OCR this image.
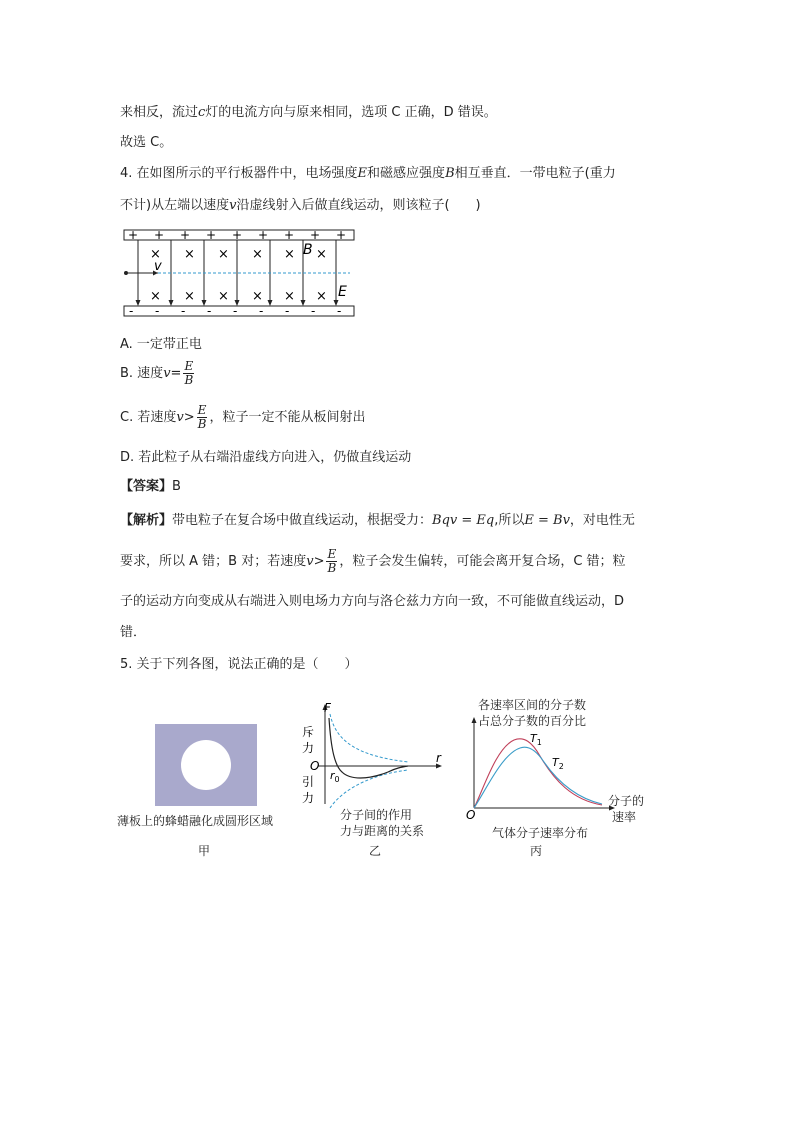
来相反，流过c灯的电流方向与原来相同，选项 C 正确，D 错误。
故选 C。
4. 在如图所示的平行板器件中，电场强度E和磁感应强度B相互垂直．一带电粒子(重力
不计)从左端以速度v沿虚线射入后做直线运动，则该粒子(　　)
+ + + + + + + + +
- - - - - - - - -
× × × × × ×
× × × × × ×
v
B
E
A. 一定带正电
B. 速度$v= \frac{E}{B}$
C. 若速度$v> \frac{E}{B}$ ，粒子一定不能从板间射出
D. 若此粒子从右端沿虚线方向进入，仍做直线运动
【答案】B
【解析】带电粒子在复合场中做直线运动，根据受力：Bqv = Eq,所以E = Bv，对电性无
要求，所以 A 错；B 对；若速度$v> \frac{E}{B}$ ，粒子会发生偏转，可能会离开复合场，C 错；粒
子的运动方向变成从右端进入则电场力方向与洛仑兹力方向一致，不可能做直线运动，D
错．
5. 关于下列各图，说法正确的是（　　）
薄板上的蜂蜡融化成圆形区域
甲
F
r
O
$r_0$
斥
力
引
力
分子间的作用
力与距离的关系
乙
各速率区间的分子数
占总分子数的百分比
$T_1$
$T_2$
O
分子的
速率
气体分子速率分布
丙
